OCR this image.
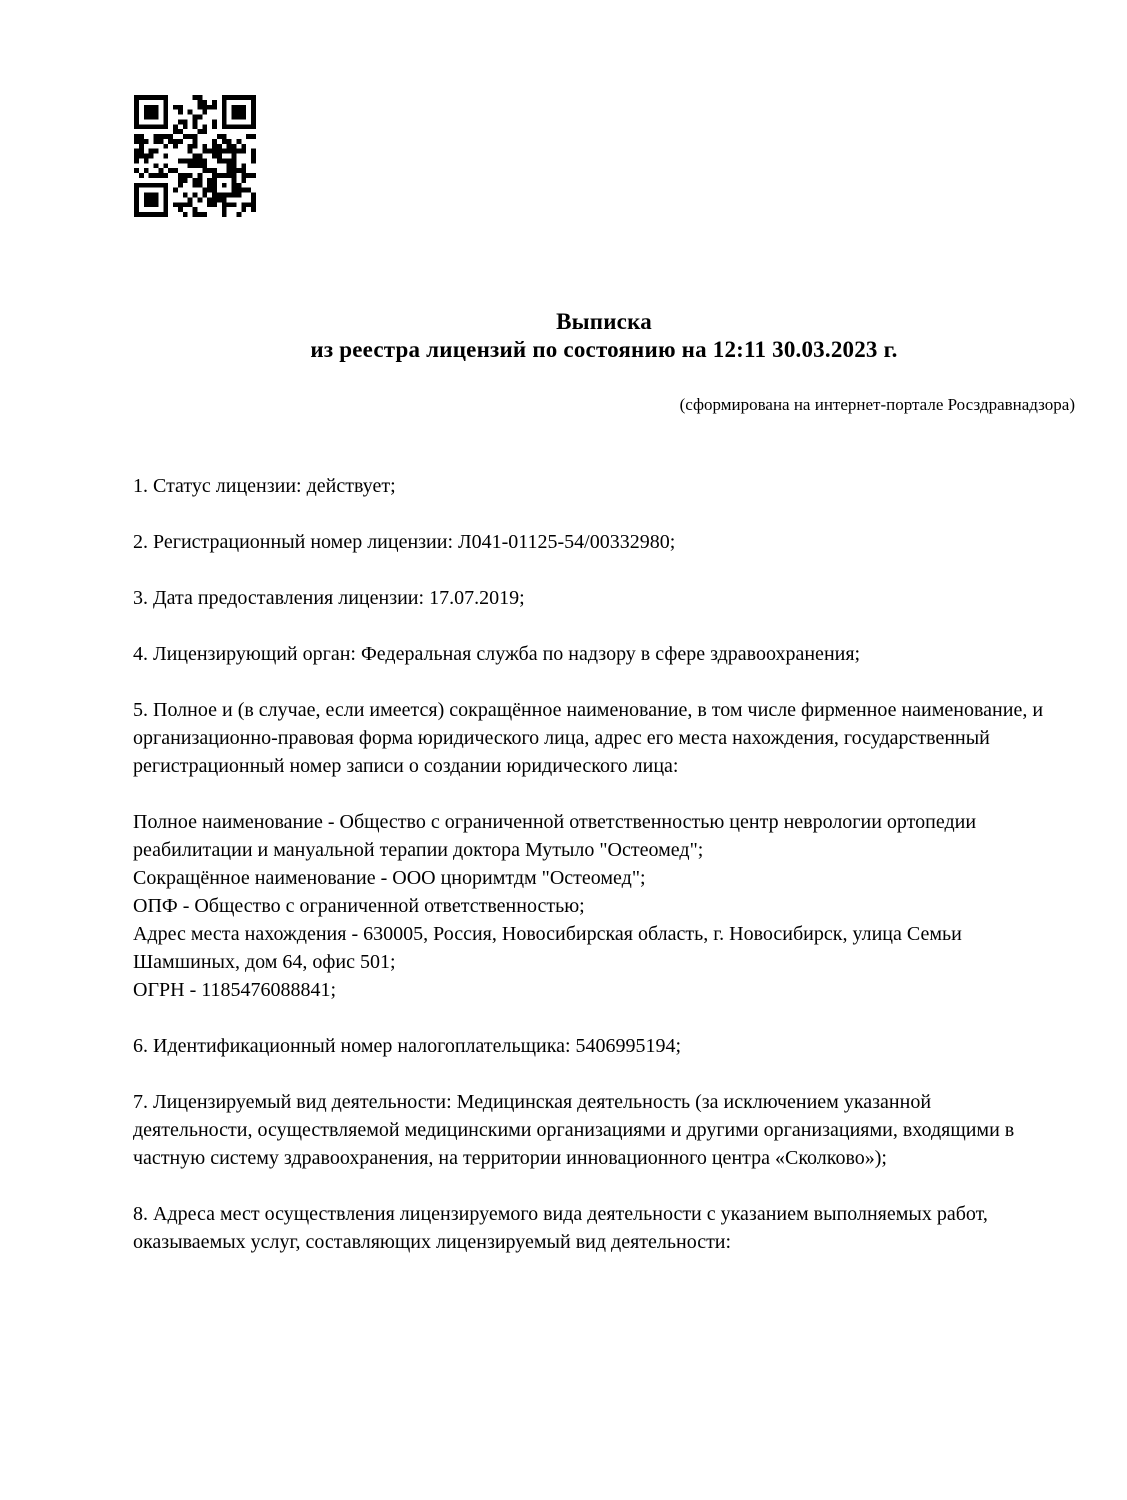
Выписка
из реестра лицензий по состоянию на 12:11 30.03.2023 г.
(сформирована на интернет-портале Росздравнадзора)

1. Статус лицензии: действует;

2. Регистрационный номер лицензии: Л041-01125-54/00332980;

3. Дата предоставления лицензии: 17.07.2019;

4. Лицензирующий орган: Федеральная служба по надзору в сфере здравоохранения;

5. Полное и (в случае, если имеется) сокращённое наименование, в том числе фирменное наименование, и организационно-правовая форма юридического лица, адрес его места нахождения, государственный регистрационный номер записи о создании юридического лица:

Полное наименование - Общество с ограниченной ответственностью центр неврологии ортопедии реабилитации и мануальной терапии доктора Мутыло "Остеомед";

Сокращённое наименование - ООО цноримтдм "Остеомед";

ОПФ - Общество с ограниченной ответственностью;

Адрес места нахождения - 630005, Россия, Новосибирская область, г. Новосибирск, улица Семьи Шамшиных, дом 64, офис 501;

ОГРН - 1185476088841;

6. Идентификационный номер налогоплательщика: 5406995194;

7. Лицензируемый вид деятельности: Медицинская деятельность (за исключением указанной деятельности, осуществляемой медицинскими организациями и другими организациями, входящими в частную систему здравоохранения, на территории инновационного центра «Сколково»);

8. Адреса мест осуществления лицензируемого вида деятельности с указанием выполняемых работ, оказываемых услуг, составляющих лицензируемый вид деятельности:
